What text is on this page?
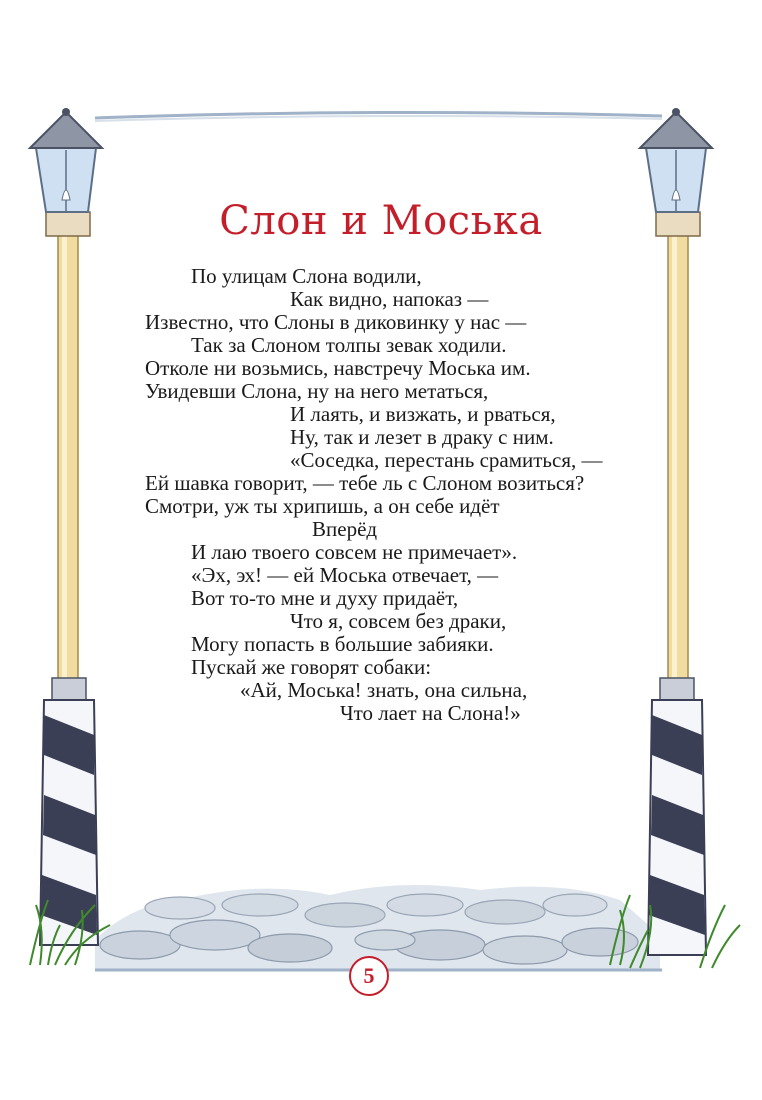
Слон и Моська
По улицам Слона водили,
Как видно, напоказ —
Известно, что Слоны в диковинку у нас —
Так за Слоном толпы зевак ходили.
Отколе ни возьмись, навстречу Моська им.
Увидевши Слона, ну на него метаться,
И лаять, и визжать, и рваться,
Ну, так и лезет в драку с ним.
«Соседка, перестань срамиться, —
Ей шавка говорит, — тебе ль с Слоном возиться?
Смотри, уж ты хрипишь, а он себе идёт
Вперёд
И лаю твоего совсем не примечает».
«Эх, эх! — ей Моська отвечает, —
Вот то-то мне и духу придаёт,
Что я, совсем без драки,
Могу попасть в большие забияки.
Пускай же говорят собаки:
«Ай, Моська! знать, она сильна,
Что лает на Слона!»
5
